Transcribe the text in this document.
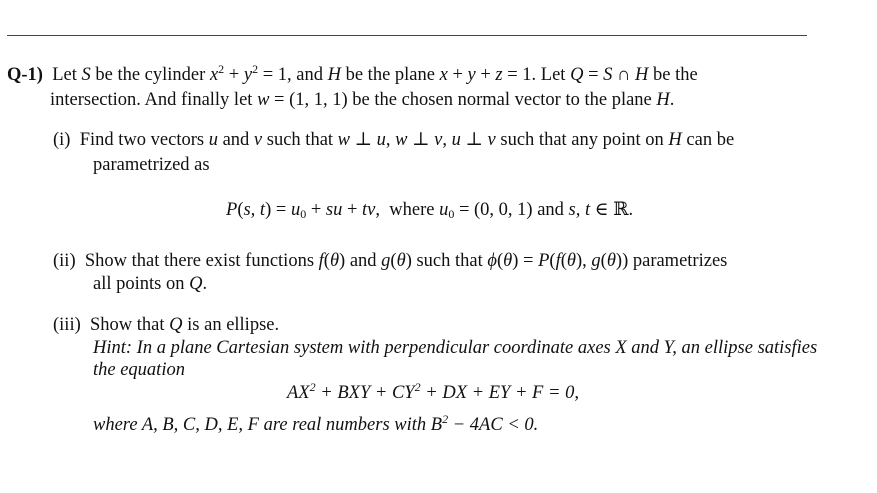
Q-1)  Let S be the cylinder $x^2 + y^2 = 1$, and H be the plane x + y + z = 1. Let Q = S ∩ H be the
intersection. And finally let w = (1, 1, 1) be the chosen normal vector to the plane H.
(i)  Find two vectors u and v such that w ⊥ u, w ⊥ v, u ⊥ v such that any point on H can be
parametrized as
P(s, $t) = u_0$ + su + tv,  where $u_0 = (0$, 0, 1) and s, t ∈ ℝ.
(ii)  Show that there exist functions f(θ) and g(θ) such that ϕ(θ) = P(f(θ), g(θ)) parametrizes
all points on Q.
(iii)  Show that Q is an ellipse.
Hint: In a plane Cartesian system with perpendicular coordinate axes X and Y, an ellipse satisfies
the equation
$AX^2$ + BXY + $CY^2$ + DX + EY + F = 0,
where A, B, C, D, E, F are real numbers with $B^2 - 4AC < 0$.
